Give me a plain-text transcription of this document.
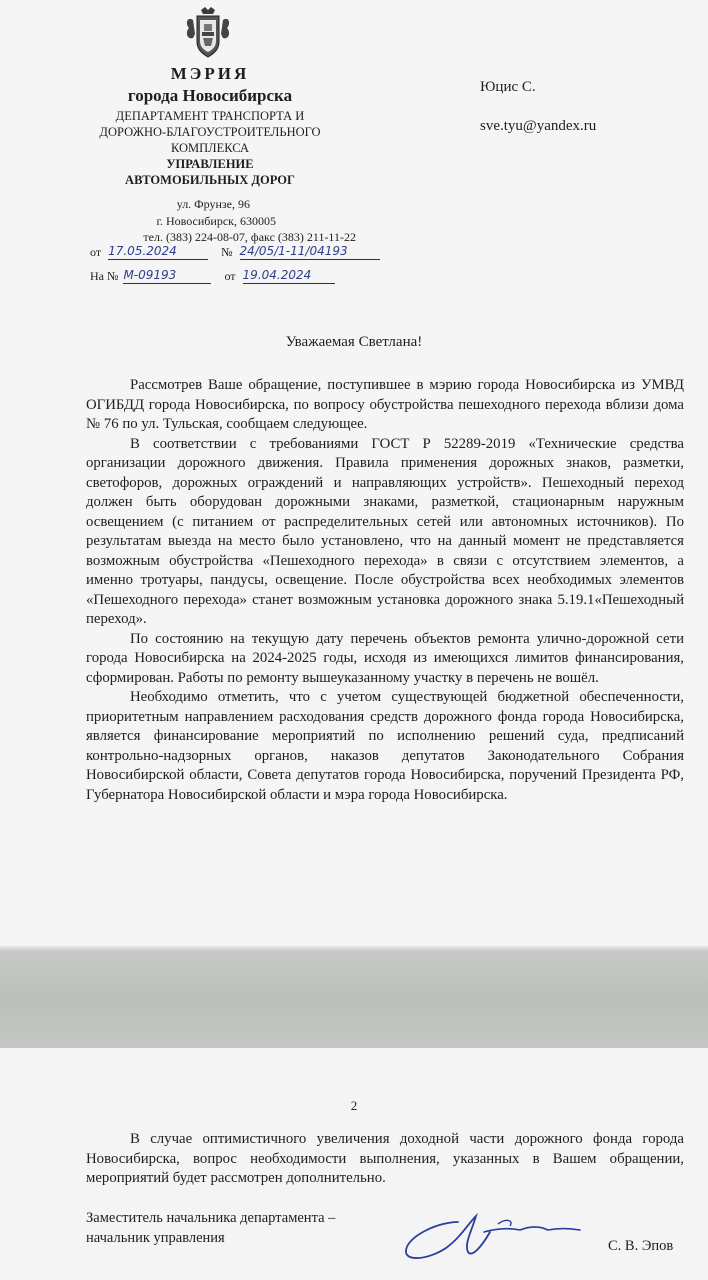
МЭРИЯ
города Новосибирска
ДЕПАРТАМЕНТ ТРАНСПОРТА И
ДОРОЖНО-БЛАГОУСТРОИТЕЛЬНОГО
КОМПЛЕКСА
УПРАВЛЕНИЕ
АВТОМОБИЛЬНЫХ ДОРОГ
ул. Фрунзе, 96
г. Новосибирск, 630005
тел. (383) 224-08-07, факс (383) 211-11-22
от 17.05.2024	№ 24/05/1-11/04193
На № М-09193	от 19.04.2024
Юцис С.
sve.tyu@yandex.ru
Уважаемая Светлана!

Рассмотрев Ваше обращение, поступившее в мэрию города Новосибирска из УМВД ОГИБДД города Новосибирска, по вопросу обустройства пешеходного перехода вблизи дома № 76 по ул. Тульская, сообщаем следующее.

В соответствии с требованиями ГОСТ Р 52289-2019 «Технические средства организации дорожного движения. Правила применения дорожных знаков, разметки, светофоров, дорожных ограждений и направляющих устройств». Пешеходный переход должен быть оборудован дорожными знаками, разметкой, стационарным наружным освещением (с питанием от распределительных сетей или автономных источников). По результатам выезда на место было установлено, что на данный момент не представляется возможным обустройства «Пешеходного перехода» в связи с отсутствием элементов, а именно тротуары, пандусы, освещение. После обустройства всех необходимых элементов «Пешеходного перехода» станет возможным установка дорожного знака 5.19.1«Пешеходный переход».

По состоянию на текущую дату перечень объектов ремонта улично-дорожной сети города Новосибирска на 2024-2025 годы, исходя из имеющихся лимитов финансирования, сформирован. Работы по ремонту вышеуказанному участку в перечень не вошёл.

Необходимо отметить, что с учетом существующей бюджетной обеспеченности, приоритетным направлением расходования средств дорожного фонда города Новосибирска, является финансирование мероприятий по исполнению решений суда, предписаний контрольно-надзорных органов, наказов депутатов Законодательного Собрания Новосибирской области, Совета депутатов города Новосибирска, поручений Президента РФ, Губернатора Новосибирской области и мэра города Новосибирска.

2

В случае оптимистичного увеличения доходной части дорожного фонда города Новосибирска, вопрос необходимости выполнения, указанных в Вашем обращении, мероприятий будет рассмотрен дополнительно.

Заместитель начальника департамента –
начальник управления	С. В. Эпов
